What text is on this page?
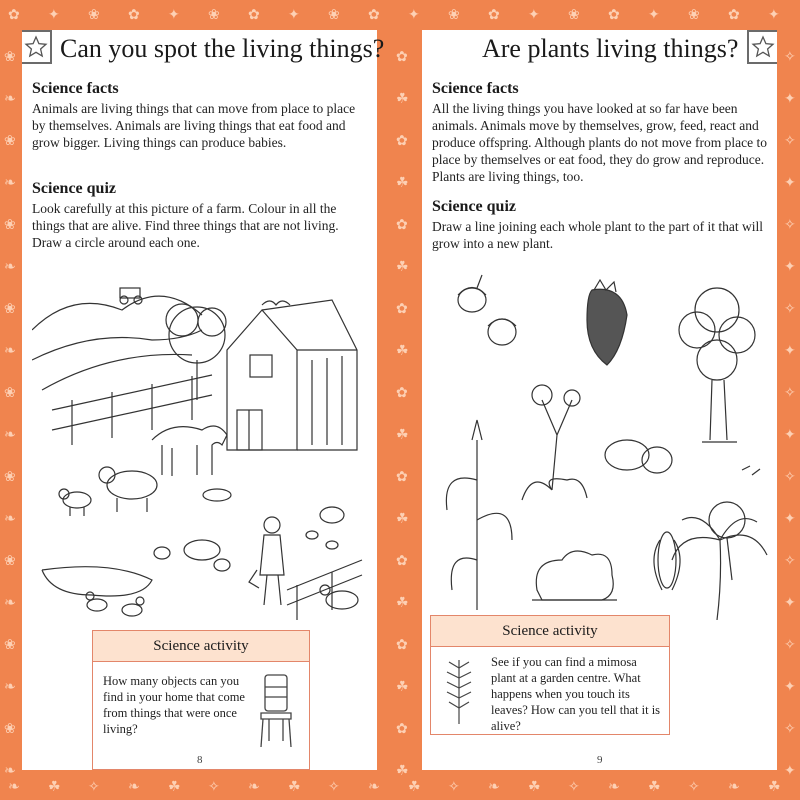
✿
❧
✦
☘
❀
✧
✿
❧
✦
☘
❀
✧
✿
❧
✦
☘
❀
✧
✿
❧
✦
☘
❀
✧
✿
❧
✦
☘
❀
✧
✿
❧
✦
☘
❀
✧
✿
❧
✦
☘
❀	✧
✿
❧	✦
☘
❀	✧
✿
❧	✦
☘
❀	✧
✿
❧	✦
☘
❀	✧
✿
❧	✦
☘
❀	✧
✿
❧	✦
☘
❀	✧
✿
❧	✦
☘
❀	✧
✿
❧	✦
☘
❀	✧
✿
❧	✦
☘
❀	✧
✿
❧	✦
☘
Can you spot the living things?
Science facts
Animals are living things that can move from place to place by themselves. Animals are living things that eat food and grow bigger. Living things can produce babies.
Science quiz
Look carefully at this picture of a farm. Colour in all the things that are alive. Find three things that are not living. Draw a circle around each one.
Science activity
How many objects can you find in your home that come from things that were once living?
8
Are plants living things?
Science facts
All the living things you have looked at so far have been animals. Animals move by themselves, grow, feed, react and produce offspring. Although plants do not move from place to place by themselves or eat food, they do grow and reproduce. Plants are living things, too.
Science quiz
Draw a line joining each whole plant to the part of it that will grow into a new plant.
Science activity
See if you can find a mimosa plant at a garden centre. What happens when you touch its leaves? How can you tell that it is alive?
9
